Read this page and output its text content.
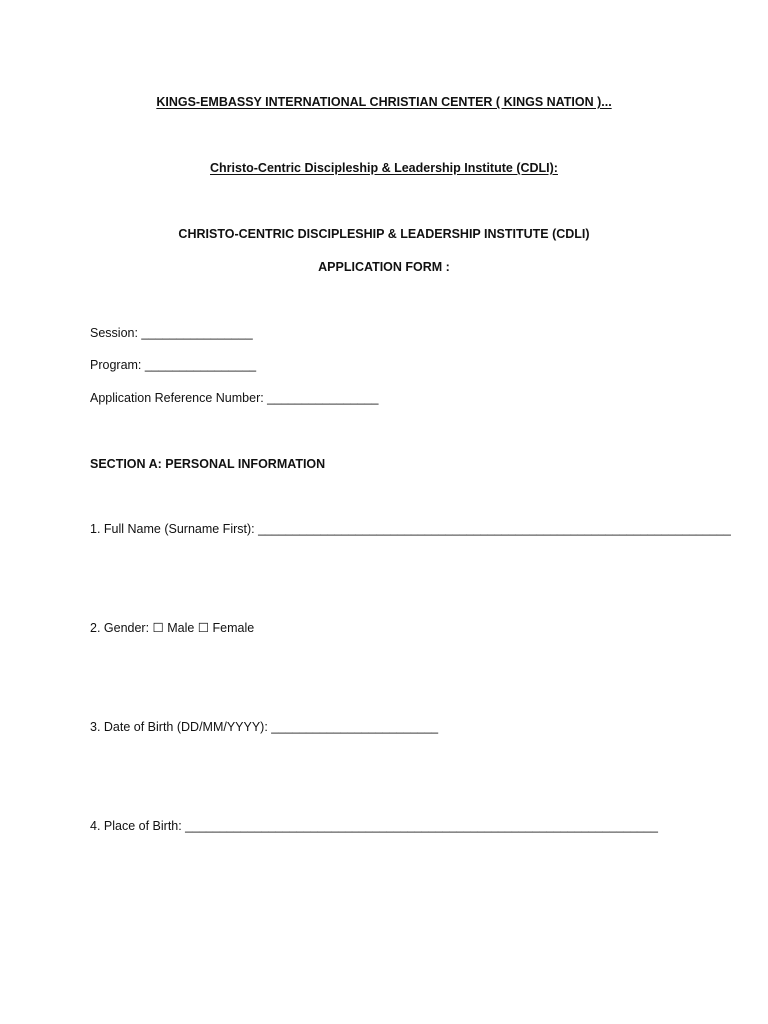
KINGS-EMBASSY INTERNATIONAL CHRISTIAN CENTER ( KINGS NATION )...
Christo-Centric Discipleship & Leadership Institute (CDLI):
CHRISTO-CENTRIC DISCIPLESHIP & LEADERSHIP INSTITUTE (CDLI)
APPLICATION FORM :
Session: ________________
Program: ________________
Application Reference Number: ________________
SECTION A: PERSONAL INFORMATION
1. Full Name (Surname First): ____________________________________________________________________
2. Gender: ☐ Male ☐ Female
3. Date of Birth (DD/MM/YYYY): ________________________
4. Place of Birth: ____________________________________________________________________
